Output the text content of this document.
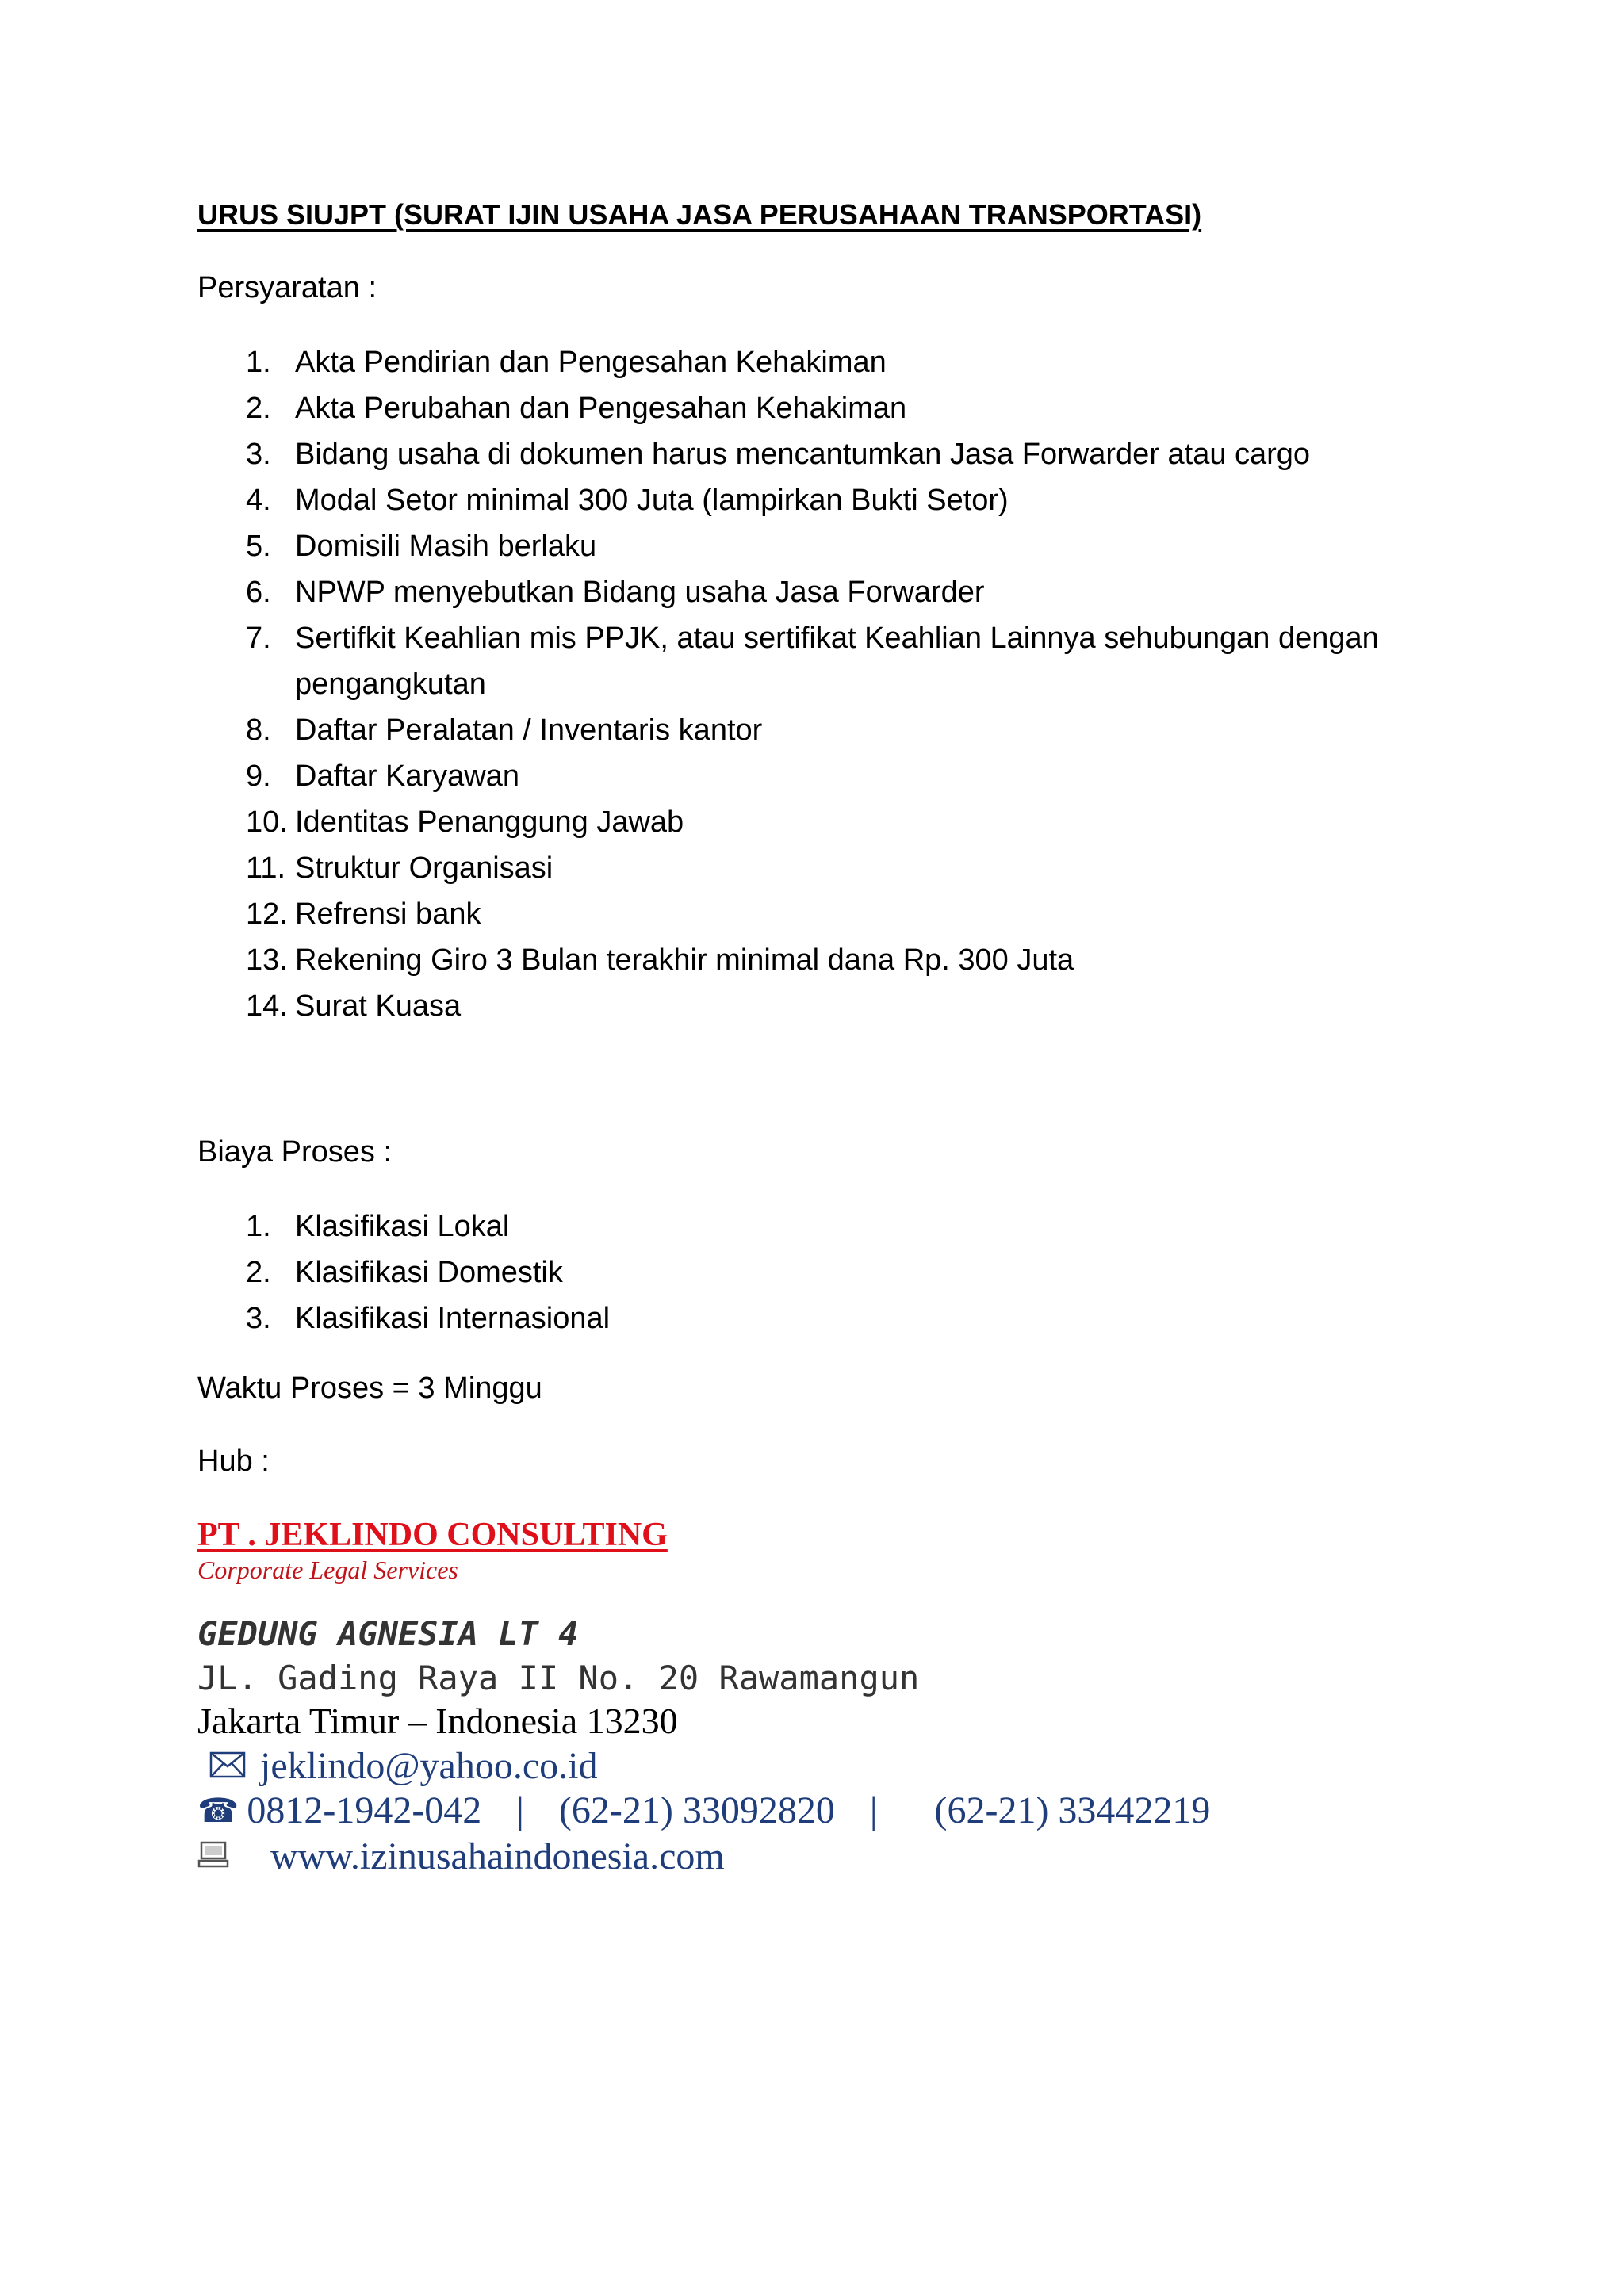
URUS SIUJPT (SURAT IJIN USAHA JASA PERUSAHAAN TRANSPORTASI)
Persyaratan :
1. Akta Pendirian dan Pengesahan Kehakiman
2. Akta Perubahan dan Pengesahan Kehakiman
3. Bidang usaha di dokumen harus mencantumkan Jasa Forwarder atau cargo
4. Modal Setor minimal 300 Juta (lampirkan Bukti Setor)
5. Domisili Masih berlaku
6. NPWP menyebutkan Bidang usaha Jasa Forwarder
7. Sertifkit Keahlian mis PPJK, atau sertifikat Keahlian Lainnya sehubungan dengan pengangkutan
8. Daftar Peralatan / Inventaris kantor
9. Daftar Karyawan
10. Identitas Penanggung Jawab
11. Struktur Organisasi
12. Refrensi bank
13. Rekening Giro 3 Bulan terakhir minimal dana Rp. 300 Juta
14. Surat Kuasa
Biaya Proses :
1. Klasifikasi Lokal
2. Klasifikasi Domestik
3. Klasifikasi Internasional
Waktu Proses = 3 Minggu
Hub :
PT . JEKLINDO CONSULTING
Corporate Legal Services
GEDUNG AGNESIA LT 4
JL. Gading Raya II No. 20 Rawamangun
Jakarta Timur – Indonesia 13230
jeklindo@yahoo.co.id
☎ 0812-1942-042 | (62-21) 33092820 | (62-21) 33442219
www.izinusahaindonesia.com
